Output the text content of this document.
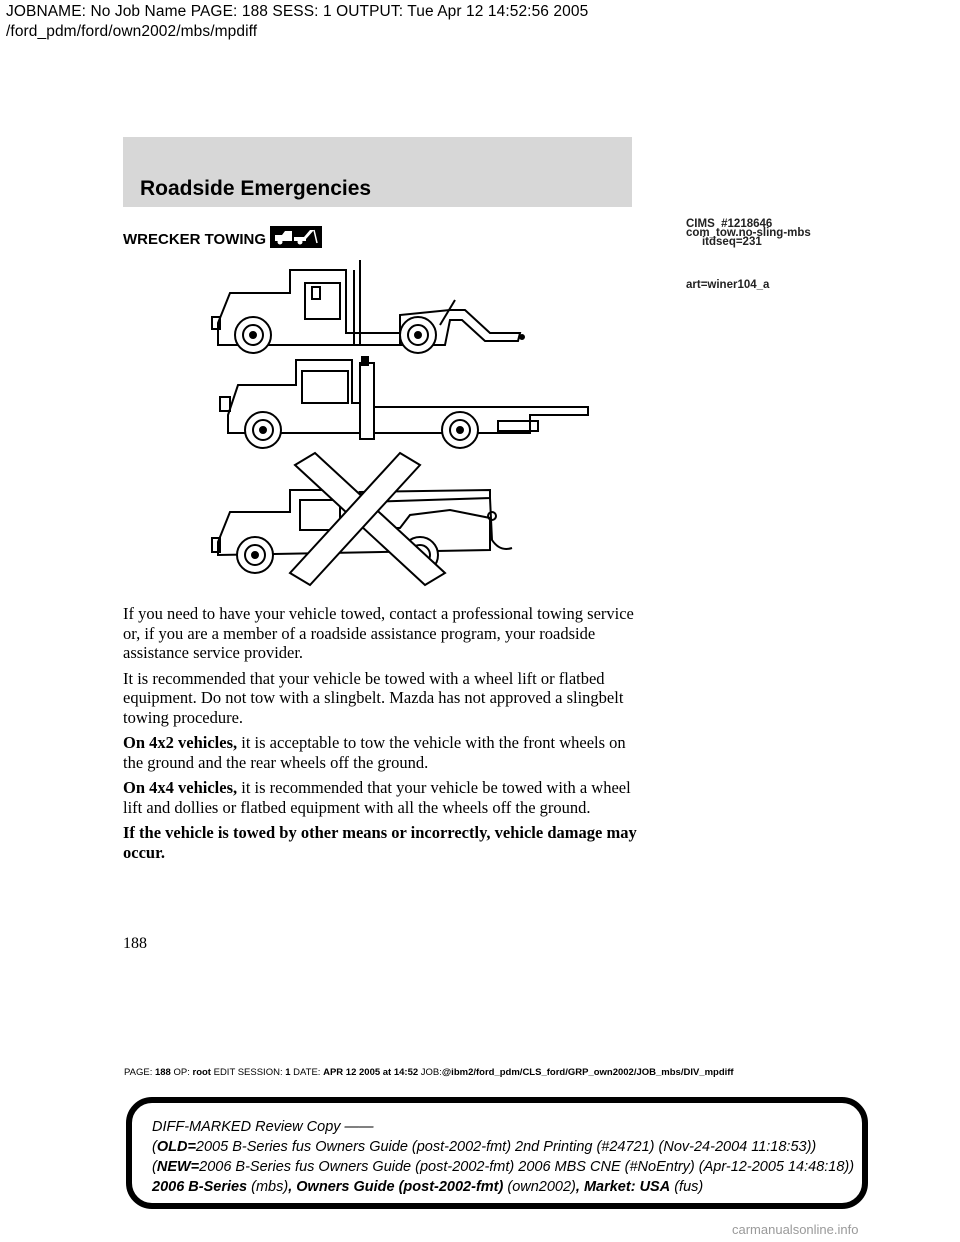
JOBNAME: No Job Name PAGE: 188 SESS: 1 OUTPUT: Tue Apr 12 14:52:56 2005
/ford_pdm/ford/own2002/mbs/mpdiff
Roadside Emergencies
CIMS  #1218646
com_tow.no-sling-mbs
itdseq=231
art=winer104_a
WRECKER TOWING

If you need to have your vehicle towed, contact a professional towing service or, if you are a member of a roadside assistance program, your roadside assistance service provider.

It is recommended that your vehicle be towed with a wheel lift or flatbed equipment. Do not tow with a slingbelt. Mazda has not approved a slingbelt towing procedure.

On 4x2 vehicles, it is acceptable to tow the vehicle with the front wheels on the ground and the rear wheels off the ground.

On 4x4 vehicles, it is recommended that your vehicle be towed with a wheel lift and dollies or flatbed equipment with all the wheels off the ground.

If the vehicle is towed by other means or incorrectly, vehicle damage may occur.

188
PAGE: 188 OP: root EDIT SESSION: 1 DATE: APR 12 2005 at 14:52 JOB:@ibm2/ford_pdm/CLS_ford/GRP_own2002/JOB_mbs/DIV_mpdiff
DIFF-MARKED Review Copy ——
(OLD=2005 B-Series fus Owners Guide (post-2002-fmt) 2nd Printing (#24721) (Nov-24-2004 11:18:53))
(NEW=2006 B-Series fus Owners Guide (post-2002-fmt) 2006 MBS CNE (#NoEntry) (Apr-12-2005 14:48:18))
2006 B-Series (mbs), Owners Guide (post-2002-fmt) (own2002), Market: USA (fus)
carmanualsonline.info
